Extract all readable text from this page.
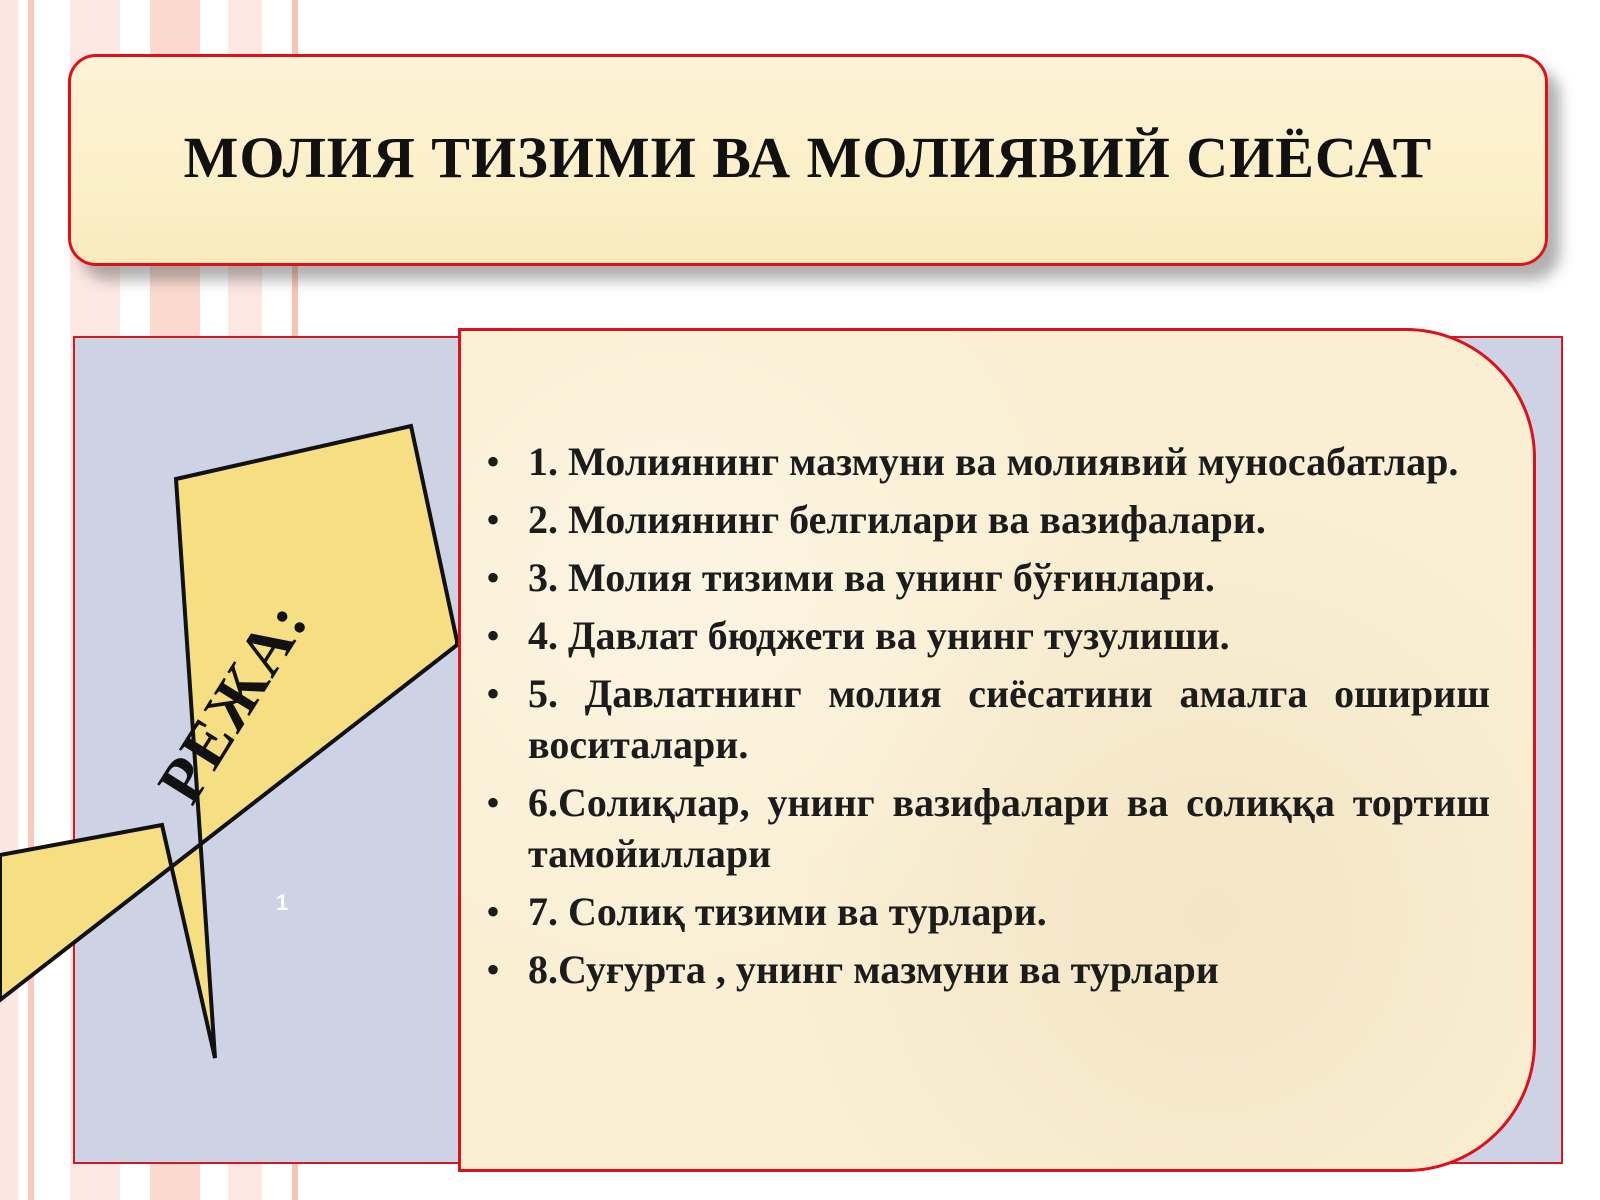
МОЛИЯ ТИЗИМИ ВА МОЛИЯВИЙ СИЁСАТ
РЕЖА:
1
• 1. Молиянинг мазмуни ва молиявий муносабатлар.
• 2. Молиянинг белгилари ва вазифалари.
• 3. Молия тизими ва унинг бўғинлари.
• 4. Давлат бюджети ва унинг тузулиши.
• 5. Давлатнинг молия сиёсатини амалга ошириш воситалари.
• 6.Солиқлар, унинг вазифалари ва солиққа тортиш тамойиллари
• 7. Солиқ тизими ва турлари.
• 8.Суғурта , унинг мазмуни ва турлари
